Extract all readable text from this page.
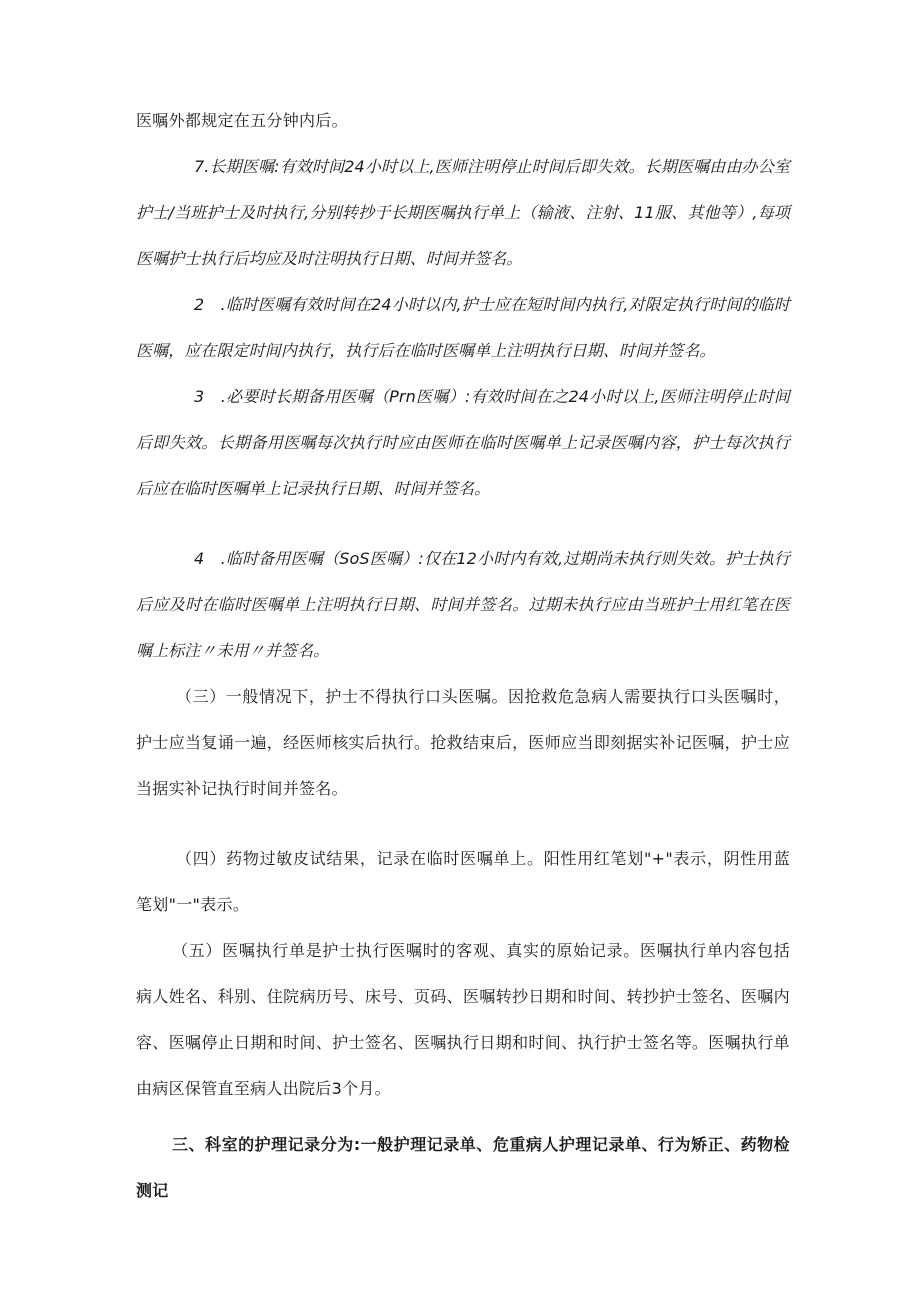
医嘱外都规定在五分钟内后。

7.长期医嘱:有效时间24小时以上,医师注明停止时间后即失效。长期医嘱由由办公室护士/当班护士及时执行,分别转抄于长期医嘱执行单上（输液、注射、11服、其他等）,每项医嘱护士执行后均应及时注明执行日期、时间并签名。

2　.临时医嘱有效时间在24小时以内,护士应在短时间内执行,对限定执行时间的临时医嘱，应在限定时间内执行，执行后在临时医嘱单上注明执行日期、时间并签名。

3　.必要时长期备用医嘱（Prn医嘱）:有效时间在之24小时以上,医师注明停止时间后即失效。长期备用医嘱每次执行时应由医师在临时医嘱单上记录医嘱内容，护士每次执行后应在临时医嘱单上记录执行日期、时间并签名。

4　.临时备用医嘱（SoS医嘱）:仅在12小时内有效,过期尚未执行则失效。护士执行后应及时在临时医嘱单上注明执行日期、时间并签名。过期未执行应由当班护士用红笔在医嘱上标注〃未用〃并签名。

（三）一般情况下，护士不得执行口头医嘱。因抢救危急病人需要执行口头医嘱时，护士应当复诵一遍，经医师核实后执行。抢救结束后，医师应当即刻据实补记医嘱，护士应当据实补记执行时间并签名。

（四）药物过敏皮试结果，记录在临时医嘱单上。阳性用红笔划"+"表示，阴性用蓝笔划"一"表示。

（五）医嘱执行单是护士执行医嘱时的客观、真实的原始记录。医嘱执行单内容包括病人姓名、科别、住院病历号、床号、页码、医嘱转抄日期和时间、转抄护士签名、医嘱内容、医嘱停止日期和时间、护士签名、医嘱执行日期和时间、执行护士签名等。医嘱执行单由病区保管直至病人出院后3个月。

三、科室的护理记录分为:一般护理记录单、危重病人护理记录单、行为矫正、药物检测记
